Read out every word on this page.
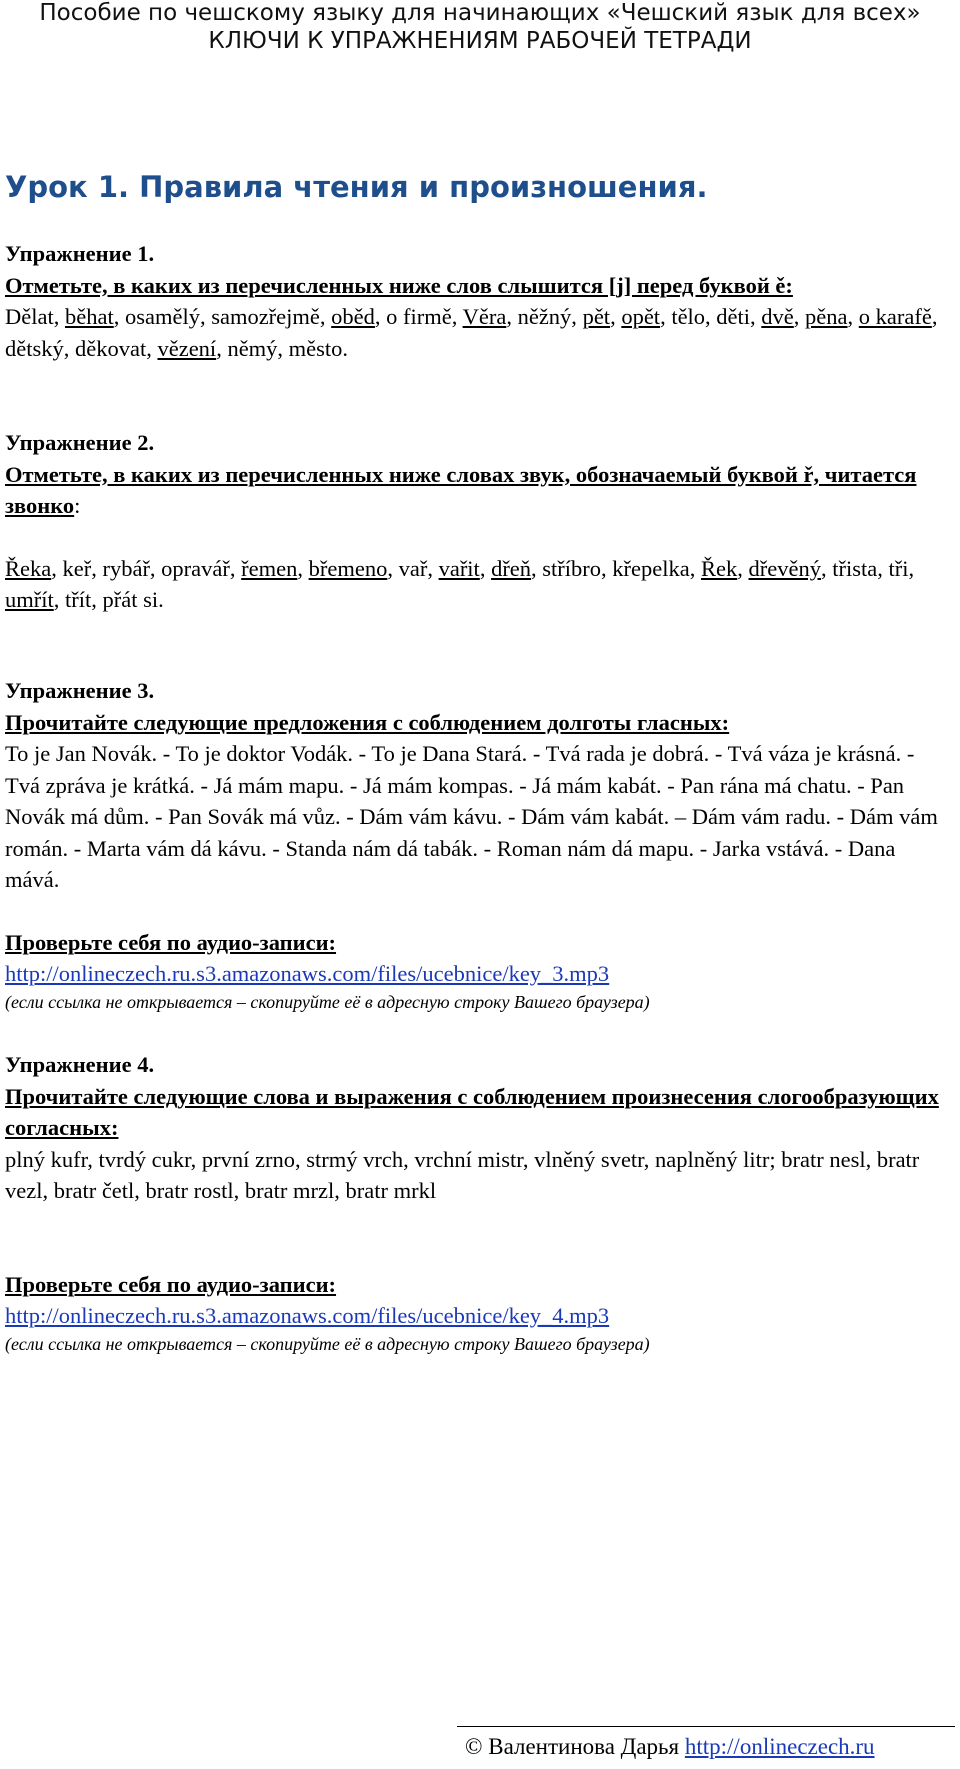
Пособие по чешскому языку для начинающих «Чешский язык для всех»
КЛЮЧИ К УПРАЖНЕНИЯМ РАБОЧЕЙ ТЕТРАДИ
Урок 1. Правила чтения и произношения.
Упражнение 1.
Отметьте, в каких из перечисленных ниже слов слышится [j] перед буквой ě:
Dělat, běhat, osamělý, samozřejmě, oběd, o firmě, Věra, něžný, pět, opět, tělo, děti, dvě, pěna, o karafě, dětský, děkovat, vězení, němý, město.
Упражнение 2.
Отметьте, в каких из перечисленных ниже словах звук, обозначаемый буквой ř, читается звонко:
Řeka, keř, rybář, opravář, řemen, břemeno, vař, vařit, dřeň, stříbro, křepelka, Řek, dřevěný, třista, tři, umřít, třít, přát si.
Упражнение 3.
Прочитайте следующие предложения с соблюдением долготы гласных:
To je Jan Novák. - To je doktor Vodák. - To je Dana Stará. - Tvá rada je dobrá. - Tvá váza je krásná. - Tvá zpráva je krátká. - Já mám mapu. - Já mám kompas. - Já mám kabát. - Pan rána má chatu. - Pan Novák má dům. - Pan Sovák má vůz. - Dám vám kávu. - Dám vám kabát. – Dám vám radu. - Dám vám román. - Marta vám dá kávu. - Standa nám dá tabák. - Roman nám dá mapu. - Jarka vstává. - Dana mává.
Проверьте себя по аудио-записи:
http://onlineczech.ru.s3.amazonaws.com/files/ucebnice/key_3.mp3
(если ссылка не открывается – скопируйте её в адресную строку Вашего браузера)
Упражнение 4.
Прочитайте следующие слова и выражения с соблюдением произнесения слогообразующих согласных:
plný kufr, tvrdý cukr, první zrno, strmý vrch, vrchní mistr, vlněný svetr, naplněný litr; bratr nesl, bratr vezl, bratr četl, bratr rostl, bratr mrzl, bratr mrkl
Проверьте себя по аудио-записи:
http://onlineczech.ru.s3.amazonaws.com/files/ucebnice/key_4.mp3
(если ссылка не открывается – скопируйте её в адресную строку Вашего браузера)
© Валентинова Дарья http://onlineczech.ru
